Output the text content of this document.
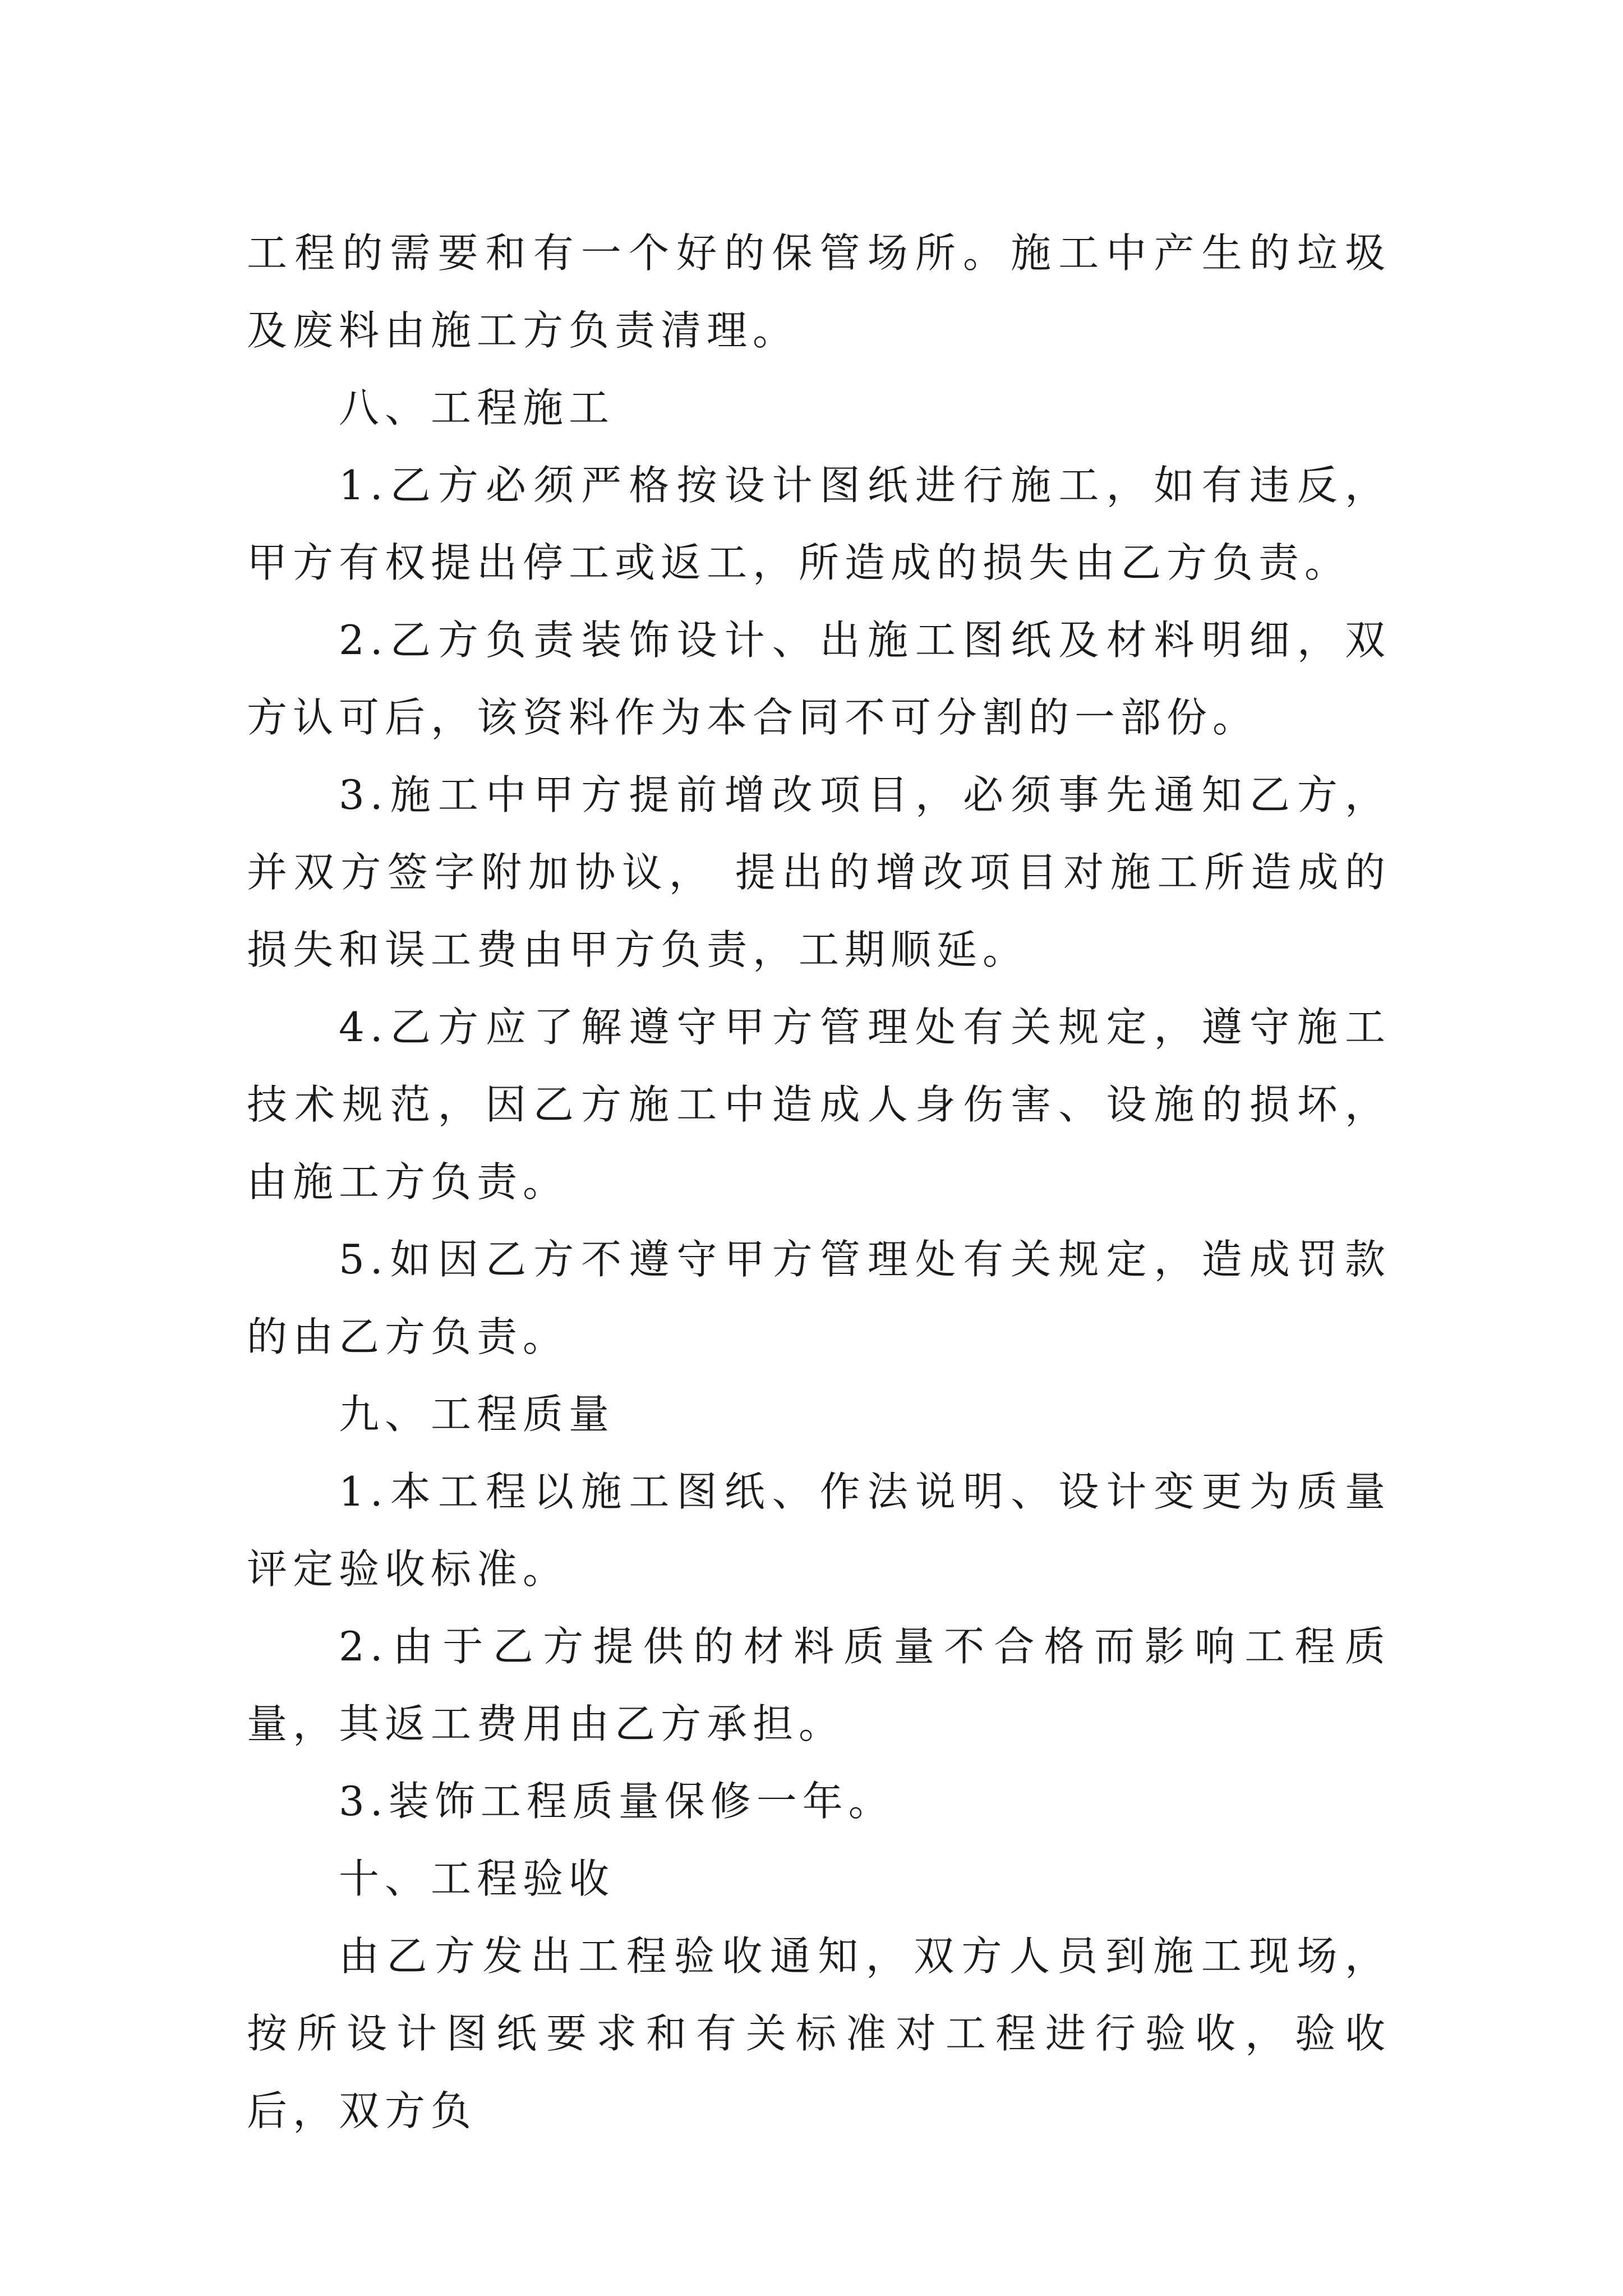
工程的需要和有一个好的保管场所。施工中产生的垃圾及废料由施工方负责清理。

八、工程施工

1.乙方必须严格按设计图纸进行施工，如有违反，甲方有权提出停工或返工，所造成的损失由乙方负责。

2.乙方负责装饰设计、出施工图纸及材料明细，双方认可后，该资料作为本合同不可分割的一部份。

3.施工中甲方提前增改项目，必须事先通知乙方，并双方签字附加协议， 提出的增改项目对施工所造成的损失和误工费由甲方负责，工期顺延。

4.乙方应了解遵守甲方管理处有关规定，遵守施工技术规范，因乙方施工中造成人身伤害、设施的损坏，由施工方负责。

5.如因乙方不遵守甲方管理处有关规定，造成罚款的由乙方负责。

九、工程质量

1.本工程以施工图纸、作法说明、设计变更为质量评定验收标准。

2.由于乙方提供的材料质量不合格而影响工程质量，其返工费用由乙方承担。

3.装饰工程质量保修一年。

十、工程验收

由乙方发出工程验收通知，双方人员到施工现场，按所设计图纸要求和有关标准对工程进行验收，验收后，双方负
